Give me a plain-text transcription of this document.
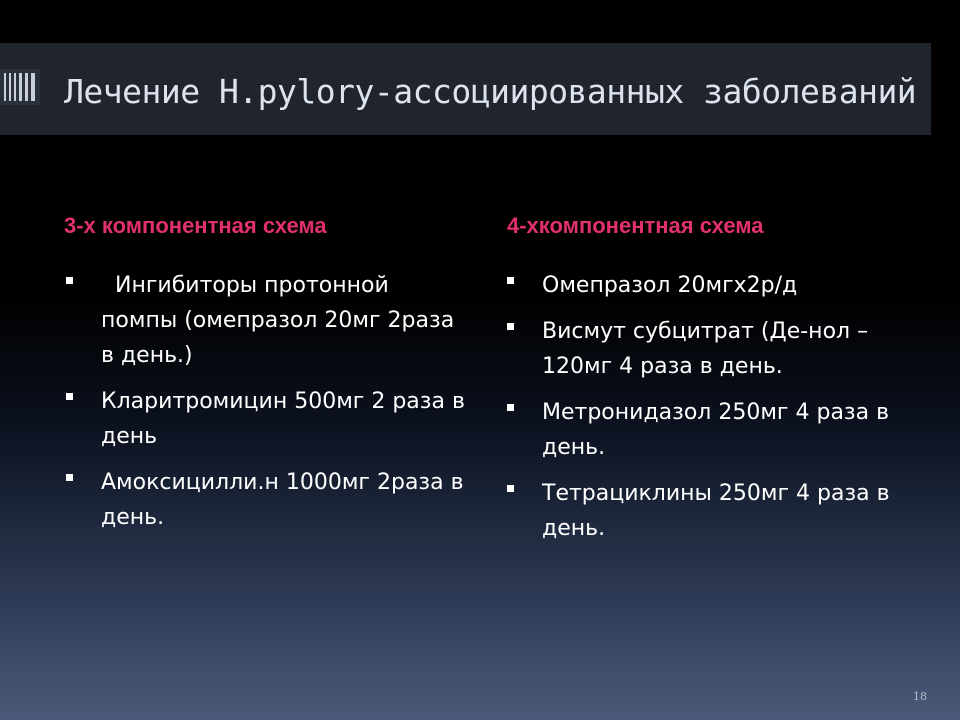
Лечение H.pylory-ассоциированных заболеваний
3-х компонентная схема	4-хкомпонентная схема
Ингибиторы протонной помпы (омепразол 20мг 2раза в день.)
Кларитромицин 500мг 2 раза в день
Амоксицилли.н 1000мг 2раза в день.
Омепразол 20мгх2р/д
Висмут субцитрат (Де-нол – 120мг 4 раза в день.
Метронидазол 250мг 4 раза в день.
Тетрациклины 250мг 4 раза в день.
18
